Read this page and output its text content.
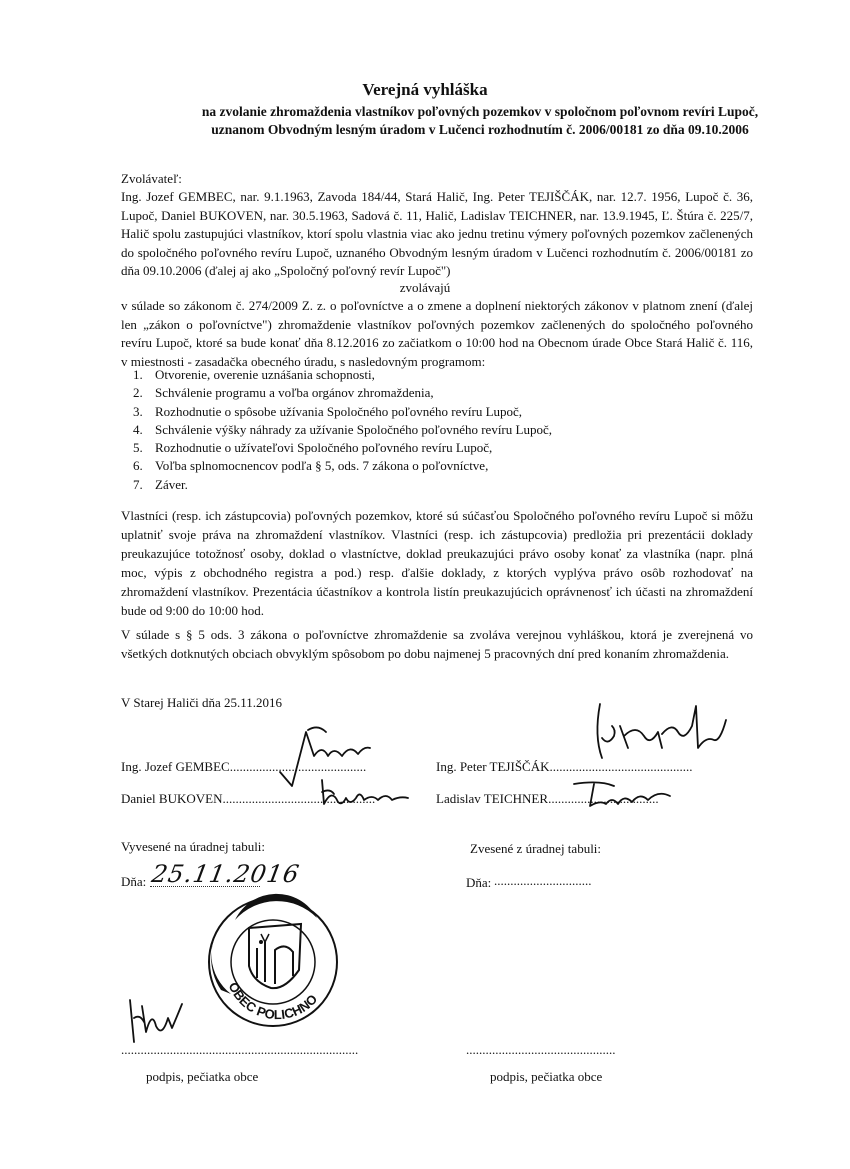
Verejná vyhláška
na zvolanie zhromaždenia vlastníkov poľovných pozemkov v spoločnom poľovnom revíri Lupoč,
uznanom Obvodným lesným úradom v Lučenci rozhodnutím č. 2006/00181 zo dňa 09.10.2006
Zvolávateľ:
Ing. Jozef GEMBEC, nar. 9.1.1963, Zavoda 184/44, Stará Halič, Ing. Peter TEJIŠČÁK, nar. 12.7. 1956, Lupoč č. 36, Lupoč, Daniel BUKOVEN, nar. 30.5.1963, Sadová č. 11, Halič, Ladislav TEICHNER, nar. 13.9.1945, Ľ. Štúra č. 225/7, Halič spolu zastupujúci vlastníkov, ktorí spolu vlastnia viac ako jednu tretinu výmery poľovných pozemkov začlenených do spoločného poľovného revíru Lupoč, uznaného Obvodným lesným úradom v Lučenci rozhodnutím č. 2006/00181 zo dňa 09.10.2006 (ďalej aj ako „Spoločný poľovný revír Lupoč")
zvolávajú
v súlade so zákonom č. 274/2009 Z. z. o poľovníctve a o zmene a doplnení niektorých zákonov v platnom znení (ďalej len „zákon o poľovníctve") zhromaždenie vlastníkov poľovných pozemkov začlenených do spoločného poľovného revíru Lupoč, ktoré sa bude konať dňa 8.12.2016 zo začiatkom o 10:00 hod na Obecnom úrade Obce Stará Halič č. 116, v miestnosti - zasadačka obecného úradu, s nasledovným programom:
1. Otvorenie, overenie uznášania schopnosti,
2. Schválenie programu a voľba orgánov zhromaždenia,
3. Rozhodnutie o spôsobe užívania Spoločného poľovného revíru Lupoč,
4. Schválenie výšky náhrady za užívanie Spoločného poľovného revíru Lupoč,
5. Rozhodnutie o užívateľovi Spoločného poľovného revíru Lupoč,
6. Voľba splnomocnencov podľa § 5, ods. 7 zákona o poľovníctve,
7. Záver.
Vlastníci (resp. ich zástupcovia) poľovných pozemkov, ktoré sú súčasťou Spoločného poľovného revíru Lupoč si môžu uplatniť svoje práva na zhromaždení vlastníkov. Vlastníci (resp. ich zástupcovia) predložia pri prezentácii doklady preukazujúce totožnosť osoby, doklad o vlastníctve, doklad preukazujúci právo osoby konať za vlastníka (napr. plná moc, výpis z obchodného registra a pod.) resp. ďalšie doklady, z ktorých vyplýva právo osôb rozhodovať na zhromaždení vlastníkov. Prezentácia účastníkov a kontrola listín preukazujúcich oprávnenosť ich účasti na zhromaždení bude od 9:00 do 10:00 hod.
V súlade s § 5 ods. 3 zákona o poľovníctve zhromaždenie sa zvoláva verejnou vyhláškou, ktorá je zverejnená vo všetkých dotknutých obciach obvyklým spôsobom po dobu najmenej 5 pracovných dní pred konaním zhromaždenia.
V Starej Haliči dňa 25.11.2016
Ing. Jozef GEMBEC..........................................	Ing. Peter TEJIŠČÁK............................................
Daniel BUKOVEN...............................................	Ladislav TEICHNER..................................
Vyvesené na úradnej tabuli:	Zvesené z úradnej tabuli:
Dňa: 25.11.2016	Dňa: ..............................
OBEC POLICHNO
.........................................................................	..............................................
podpis, pečiatka obce	podpis, pečiatka obce
